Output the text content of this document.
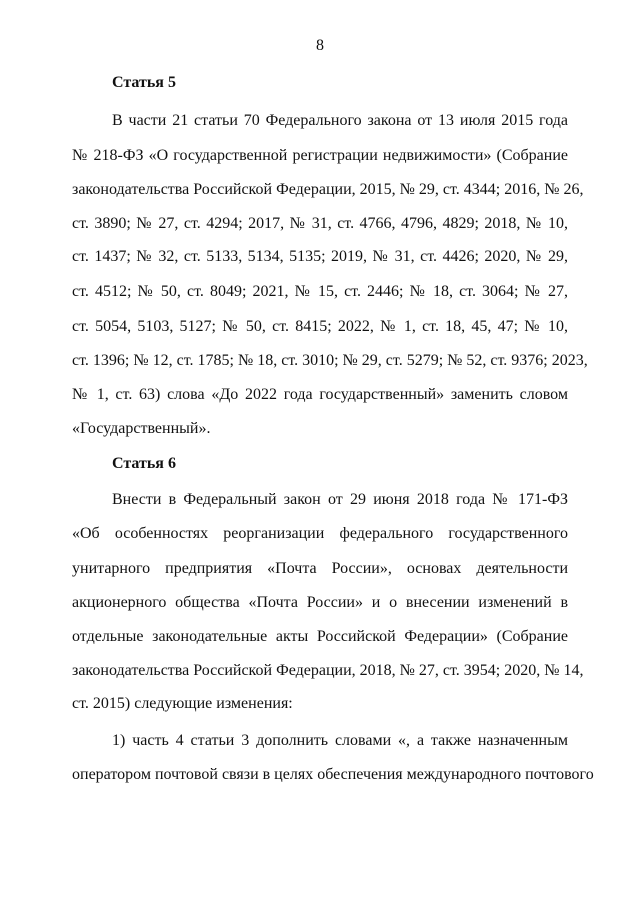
8
Статья 5
В части 21 статьи 70 Федерального закона от 13 июля 2015 года
№ 218-ФЗ «О государственной регистрации недвижимости» (Собрание
законодательства Российской Федерации, 2015, № 29, ст. 4344; 2016, № 26,
ст. 3890; № 27, ст. 4294; 2017, № 31, ст. 4766, 4796, 4829; 2018, № 10,
ст. 1437; № 32, ст. 5133, 5134, 5135; 2019, № 31, ст. 4426; 2020, № 29,
ст. 4512; № 50, ст. 8049; 2021, № 15, ст. 2446; № 18, ст. 3064; № 27,
ст. 5054, 5103, 5127; № 50, ст. 8415; 2022, № 1, ст. 18, 45, 47; № 10,
ст. 1396; № 12, ст. 1785; № 18, ст. 3010; № 29, ст. 5279; № 52, ст. 9376; 2023,
№ 1, ст. 63) слова «До 2022 года государственный» заменить словом
«Государственный».
Статья 6
Внести в Федеральный закон от 29 июня 2018 года № 171-ФЗ
«Об особенностях реорганизации федерального государственного
унитарного предприятия «Почта России», основах деятельности
акционерного общества «Почта России» и о внесении изменений в
отдельные законодательные акты Российской Федерации» (Собрание
законодательства Российской Федерации, 2018, № 27, ст. 3954; 2020, № 14,
ст. 2015) следующие изменения:
1) часть 4 статьи 3 дополнить словами «, а также назначенным
оператором почтовой связи в целях обеспечения международного почтового
